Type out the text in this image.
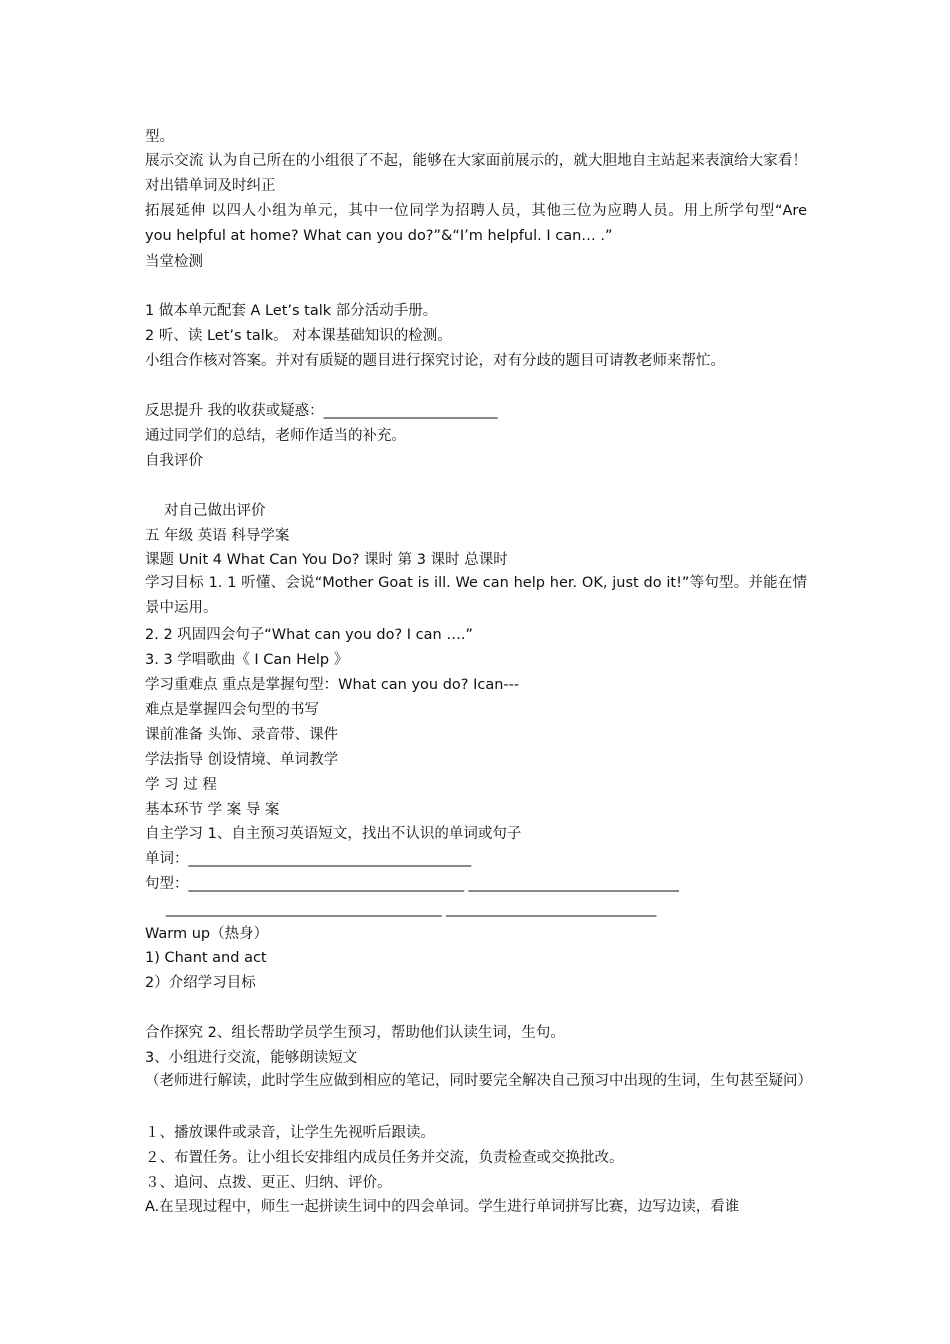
型。
展示交流 认为自己所在的小组很了不起，能够在大家面前展示的，就大胆地自主站起来表演给大家看！ 对出错单词及时纠正
拓展延伸 以四人小组为单元，其中一位同学为招聘人员，其他三位为应聘人员。用上所学句型“Are you helpful at home? What can you do?”&“I’m helpful. I can… .”
当堂检测
1 做本单元配套 A Let’s talk 部分活动手册。
2 听、读 Let’s talk。 对本课基础知识的检测。
小组合作核对答案。并对有质疑的题目进行探究讨论，对有分歧的题目可请教老师来帮忙。
反思提升 我的收获或疑惑：________________________
通过同学们的总结，老师作适当的补充。
自我评价
对自己做出评价
五 年级 英语 科导学案
课题 Unit 4 What Can You Do? 课时 第 3 课时 总课时
学习目标 1. 1 听懂、会说“Mother Goat is ill. We can help her. OK, just do it!”等句型。并能在情景中运用。
2. 2 巩固四会句子“What can you do? I can ….”
3. 3 学唱歌曲《 I Can Help 》
学习重难点 重点是掌握句型：What can you do? Ican---
难点是掌握四会句型的书写
课前准备 头饰、录音带、课件
学法指导 创设情境、单词教学
学 习 过 程
基本环节 学 案 导 案
自主学习 1、自主预习英语短文，找出不认识的单词或句子
单词：_______________________________________
句型：______________________________________ _____________________________
______________________________________ _____________________________
Warm up（热身）
1) Chant and act
2）介绍学习目标
合作探究 2、组长帮助学员学生预习，帮助他们认读生词，生句。
3、小组进行交流，能够朗读短文
（老师进行解读，此时学生应做到相应的笔记，同时要完全解决自己预习中出现的生词，生句甚至疑问）
１、播放课件或录音，让学生先视听后跟读。
２、布置任务。让小组长安排组内成员任务并交流，负责检查或交换批改。
３、追问、点拨、更正、归纳、评价。
A.在呈现过程中，师生一起拼读生词中的四会单词。学生进行单词拼写比赛，边写边读，看谁
